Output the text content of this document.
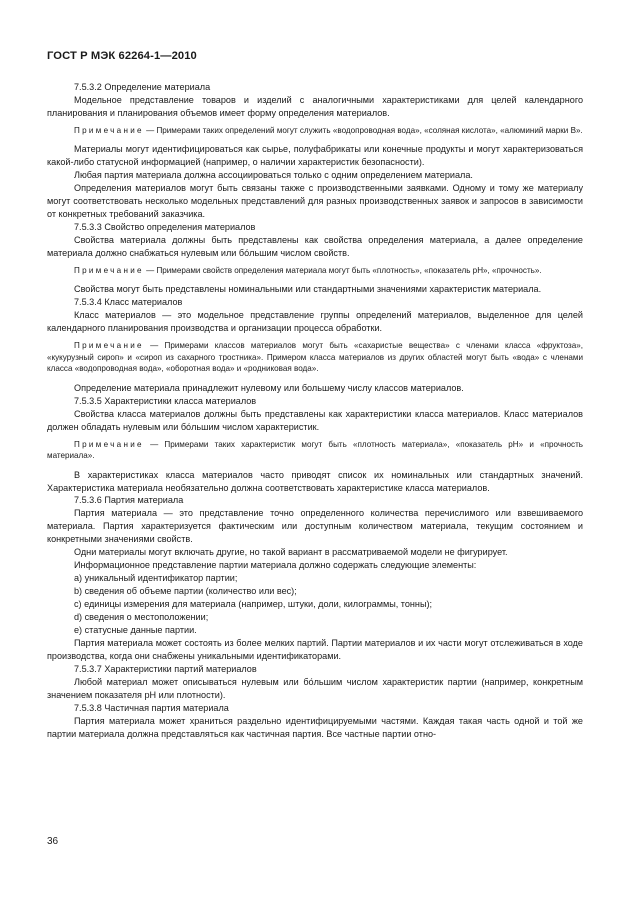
ГОСТ Р МЭК 62264-1—2010

7.5.3.2 Определение материала

Модельное представление товаров и изделий с аналогичными характеристиками для целей календарного планирования и планирования объемов имеет форму определения материалов.

Примечание — Примерами таких определений могут служить «водопроводная вода», «соляная кислота», «алюминий марки В».

Материалы могут идентифицироваться как сырье, полуфабрикаты или конечные продукты и могут характеризоваться какой-либо статусной информацией (например, о наличии характеристик безопасности).

Любая партия материала должна ассоциироваться только с одним определением материала.

Определения материалов могут быть связаны также с производственными заявками. Одному и тому же материалу могут соответствовать несколько модельных представлений для разных производственных заявок и запросов в зависимости от конкретных требований заказчика.

7.5.3.3 Свойство определения материалов

Свойства материала должны быть представлены как свойства определения материала, а далее определение материала должно снабжаться нулевым или бо́льшим числом свойств.

Примечание — Примерами свойств определения материала могут быть «плотность», «показатель рН», «прочность».

Свойства могут быть представлены номинальными или стандартными значениями характеристик материала.

7.5.3.4 Класс материалов

Класс материалов — это модельное представление группы определений материалов, выделенное для целей календарного планирования производства и организации процесса обработки.

Примечание — Примерами классов материалов могут быть «сахаристые вещества» с членами класса «фруктоза», «кукурузный сироп» и «сироп из сахарного тростника». Примером класса материалов из других областей могут быть «вода» с членами класса «водопроводная вода», «оборотная вода» и «родниковая вода».

Определение материала принадлежит нулевому или большему числу классов материалов.

7.5.3.5 Характеристики класса материалов

Свойства класса материалов должны быть представлены как характеристики класса материалов. Класс материалов должен обладать нулевым или бо́льшим числом характеристик.

Примечание — Примерами таких характеристик могут быть «плотность материала», «показатель рН» и «прочность материала».

В характеристиках класса материалов часто приводят список их номинальных или стандартных значений. Характеристика материала необязательно должна соответствовать характеристике класса материалов.

7.5.3.6 Партия материала

Партия материала — это представление точно определенного количества перечислимого или взвешиваемого материала. Партия характеризуется фактическим или доступным количеством материала, текущим состоянием и конкретными значениями свойств.

Одни материалы могут включать другие, но такой вариант в рассматриваемой модели не фигурирует.

Информационное представление партии материала должно содержать следующие элементы:

а) уникальный идентификатор партии;

b) сведения об объеме партии (количество или вес);

c) единицы измерения для материала (например, штуки, доли, килограммы, тонны);

d) сведения о местоположении;

e) статусные данные партии.

Партия материала может состоять из более мелких партий. Партии материалов и их части могут отслеживаться в ходе производства, когда они снабжены уникальными идентификаторами.

7.5.3.7 Характеристики партий материалов

Любой материал может описываться нулевым или бо́льшим числом характеристик партии (например, конкретным значением показателя рН или плотности).

7.5.3.8 Частичная партия материала

Партия материала может храниться раздельно идентифицируемыми частями. Каждая такая часть одной и той же партии материала должна представляться как частичная партия. Все частные партии отно-

36
